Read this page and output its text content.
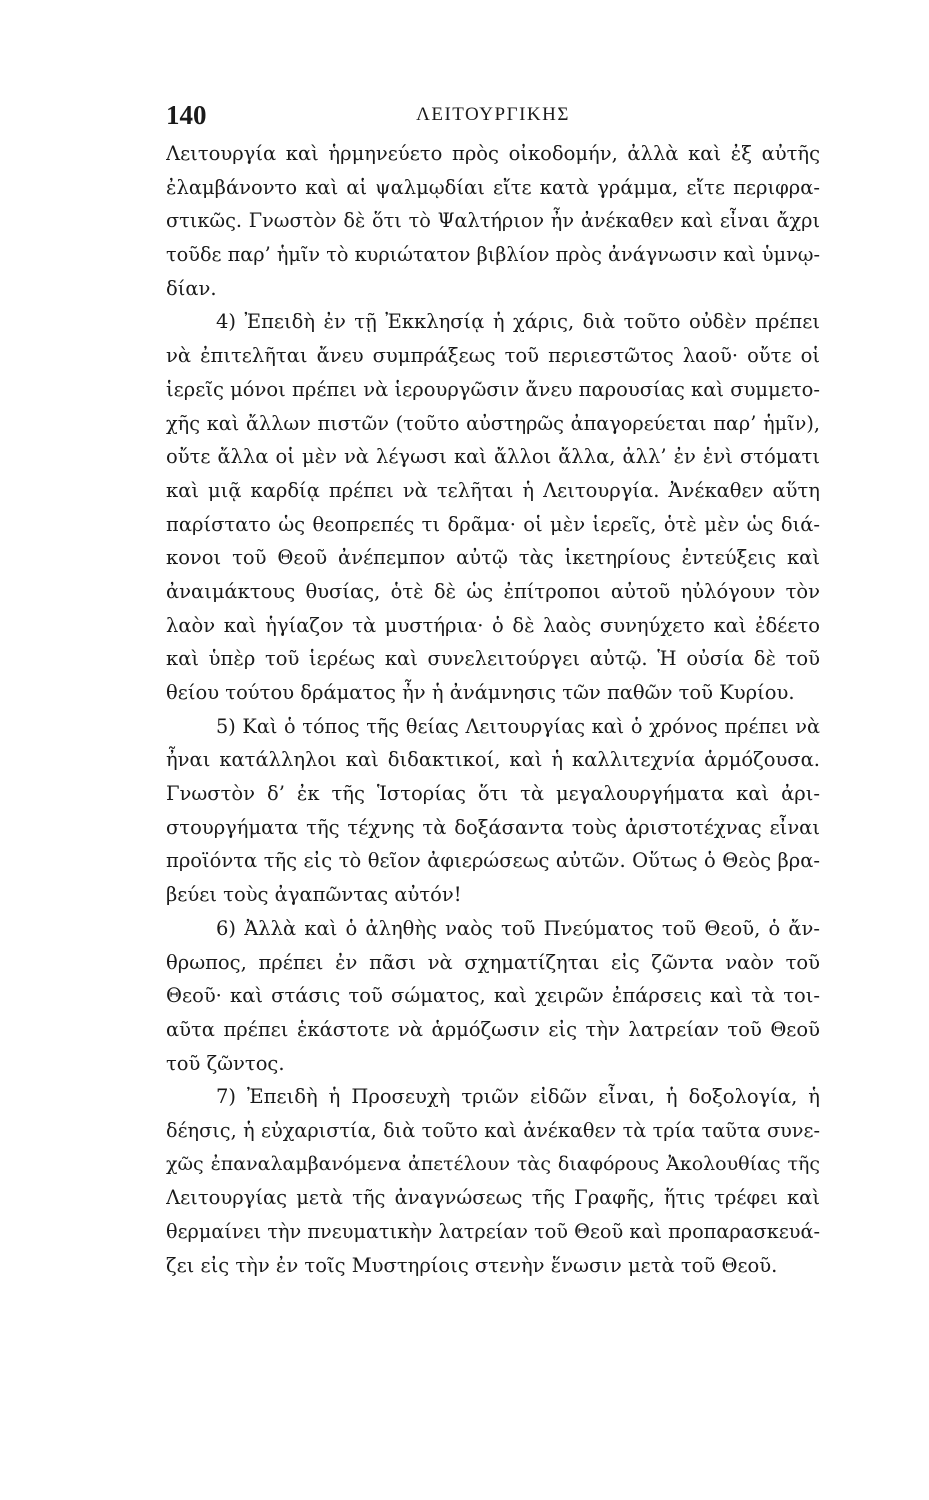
140	ΛΕΙΤΟΥΡΓΙΚΗΣ
Λειτουργία καὶ ἡρμηνεύετο πρὸς οἰκοδομήν, ἀλλὰ καὶ ἐξ αὐτῆς
ἐλαμβάνοντο καὶ αἱ ψαλμῳδίαι εἴτε κατὰ γράμμα, εἴτε περιφρα-
στικῶς. Γνωστὸν δὲ ὅτι τὸ Ψαλτήριον ἦν ἀνέκαθεν καὶ εἶναι ἄχρι
τοῦδε παρ’ ἡμῖν τὸ κυριώτατον βιβλίον πρὸς ἀνάγνωσιν καὶ ὑμνῳ-
δίαν.
4) Ἐπειδὴ ἐν τῇ Ἐκκλησίᾳ ἡ χάρις, διὰ τοῦτο οὐδὲν πρέπει
νὰ ἐπιτελῆται ἄνευ συμπράξεως τοῦ περιεστῶτος λαοῦ· οὔτε οἱ
ἱερεῖς μόνοι πρέπει νὰ ἱερουργῶσιν ἄνευ παρουσίας καὶ συμμετο-
χῆς καὶ ἄλλων πιστῶν (τοῦτο αὐστηρῶς ἀπαγορεύεται παρ’ ἡμῖν),
οὔτε ἄλλα οἱ μὲν νὰ λέγωσι καὶ ἄλλοι ἄλλα, ἀλλ’ ἐν ἑνὶ στόματι
καὶ μιᾷ καρδίᾳ πρέπει νὰ τελῆται ἡ Λειτουργία. Ἀνέκαθεν αὕτη
παρίστατο ὡς θεοπρεπές τι δρᾶμα· οἱ μὲν ἱερεῖς, ὁτὲ μὲν ὡς διά-
κονοι τοῦ Θεοῦ ἀνέπεμπον αὐτῷ τὰς ἱκετηρίους ἐντεύξεις καὶ
ἀναιμάκτους θυσίας, ὁτὲ δὲ ὡς ἐπίτροποι αὐτοῦ ηὐλόγουν τὸν
λαὸν καὶ ἡγίαζον τὰ μυστήρια· ὁ δὲ λαὸς συνηύχετο καὶ ἐδέετο
καὶ ὑπὲρ τοῦ ἱερέως καὶ συνελειτούργει αὐτῷ. Ἡ οὐσία δὲ τοῦ
θείου τούτου δράματος ἦν ἡ ἀνάμνησις τῶν παθῶν τοῦ Κυρίου.
5) Καὶ ὁ τόπος τῆς θείας Λειτουργίας καὶ ὁ χρόνος πρέπει νὰ
ἦναι κατάλληλοι καὶ διδακτικοί, καὶ ἡ καλλιτεχνία ἁρμόζουσα.
Γνωστὸν δ’ ἐκ τῆς Ἱστορίας ὅτι τὰ μεγαλουργήματα καὶ ἀρι-
στουργήματα τῆς τέχνης τὰ δοξάσαντα τοὺς ἀριστοτέχνας εἶναι
προϊόντα τῆς εἰς τὸ θεῖον ἀφιερώσεως αὐτῶν. Οὕτως ὁ Θεὸς βρα-
βεύει τοὺς ἀγαπῶντας αὐτόν!
6) Ἀλλὰ καὶ ὁ ἀληθὴς ναὸς τοῦ Πνεύματος τοῦ Θεοῦ, ὁ ἄν-
θρωπος, πρέπει ἐν πᾶσι νὰ σχηματίζηται εἰς ζῶντα ναὸν τοῦ
Θεοῦ· καὶ στάσις τοῦ σώματος, καὶ χειρῶν ἐπάρσεις καὶ τὰ τοι-
αῦτα πρέπει ἑκάστοτε νὰ ἁρμόζωσιν εἰς τὴν λατρείαν τοῦ Θεοῦ
τοῦ ζῶντος.
7) Ἐπειδὴ ἡ Προσευχὴ τριῶν εἰδῶν εἶναι, ἡ δοξολογία, ἡ
δέησις, ἡ εὐχαριστία, διὰ τοῦτο καὶ ἀνέκαθεν τὰ τρία ταῦτα συνε-
χῶς ἐπαναλαμβανόμενα ἀπετέλουν τὰς διαφόρους Ἀκολουθίας τῆς
Λειτουργίας μετὰ τῆς ἀναγνώσεως τῆς Γραφῆς, ἥτις τρέφει καὶ
θερμαίνει τὴν πνευματικὴν λατρείαν τοῦ Θεοῦ καὶ προπαρασκευά-
ζει εἰς τὴν ἐν τοῖς Μυστηρίοις στενὴν ἕνωσιν μετὰ τοῦ Θεοῦ.
